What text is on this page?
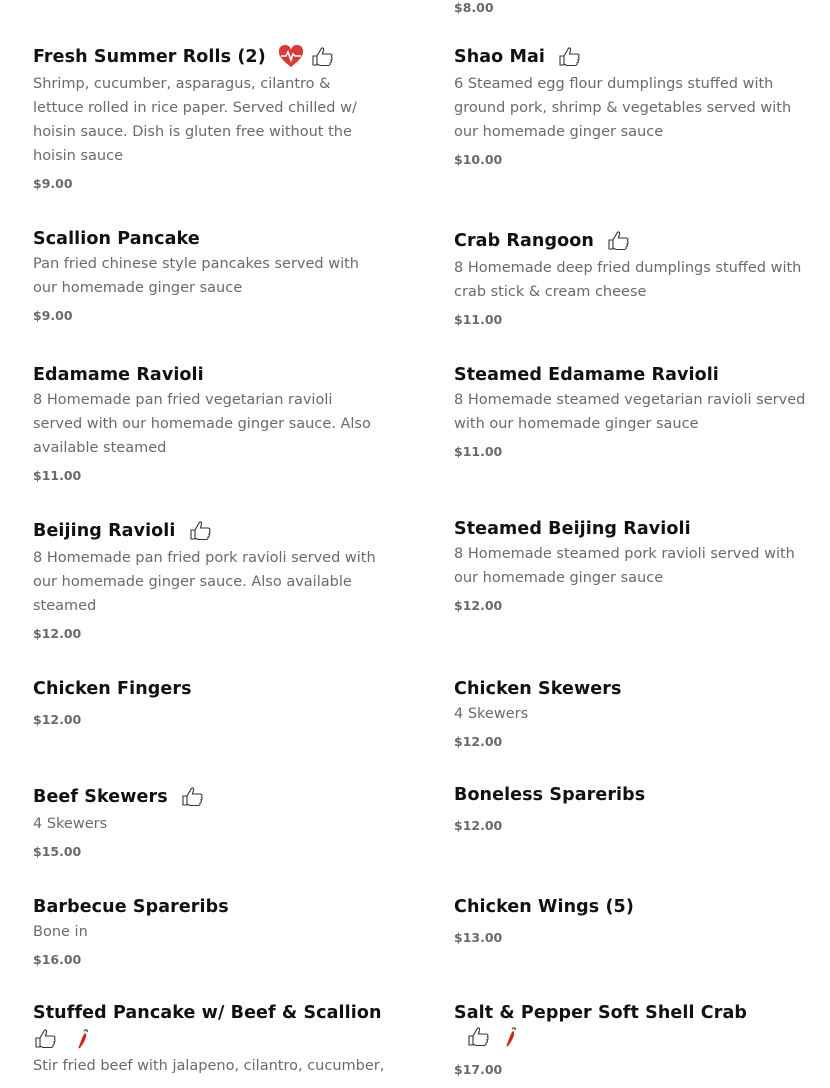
$8.00

Fresh Summer Rolls (2)

Shrimp, cucumber, asparagus, cilantro & lettuce rolled in rice paper. Served chilled w/ hoisin sauce. Dish is gluten free without the hoisin sauce

$9.00

Scallion Pancake

Pan fried chinese style pancakes served with our homemade ginger sauce

$9.00

Edamame Ravioli

8 Homemade pan fried vegetarian ravioli served with our homemade ginger sauce. Also available steamed

$11.00

Beijing Ravioli

8 Homemade pan fried pork ravioli served with our homemade ginger sauce. Also available steamed

$12.00

Chicken Fingers

$12.00

Beef Skewers

4 Skewers

$15.00

Barbecue Spareribs

Bone in

$16.00

Stuffed Pancake w/ Beef & Scallion

Stir fried beef with jalapeno, cilantro, cucumber,

Shao Mai

6 Steamed egg flour dumplings stuffed with ground pork, shrimp & vegetables served with our homemade ginger sauce

$10.00

Crab Rangoon

8 Homemade deep fried dumplings stuffed with crab stick & cream cheese

$11.00

Steamed Edamame Ravioli

8 Homemade steamed vegetarian ravioli served with our homemade ginger sauce

$11.00

Steamed Beijing Ravioli

8 Homemade steamed pork ravioli served with our homemade ginger sauce

$12.00

Chicken Skewers

4 Skewers

$12.00

Boneless Spareribs

$12.00

Chicken Wings (5)

$13.00

Salt & Pepper Soft Shell Crab

$17.00
